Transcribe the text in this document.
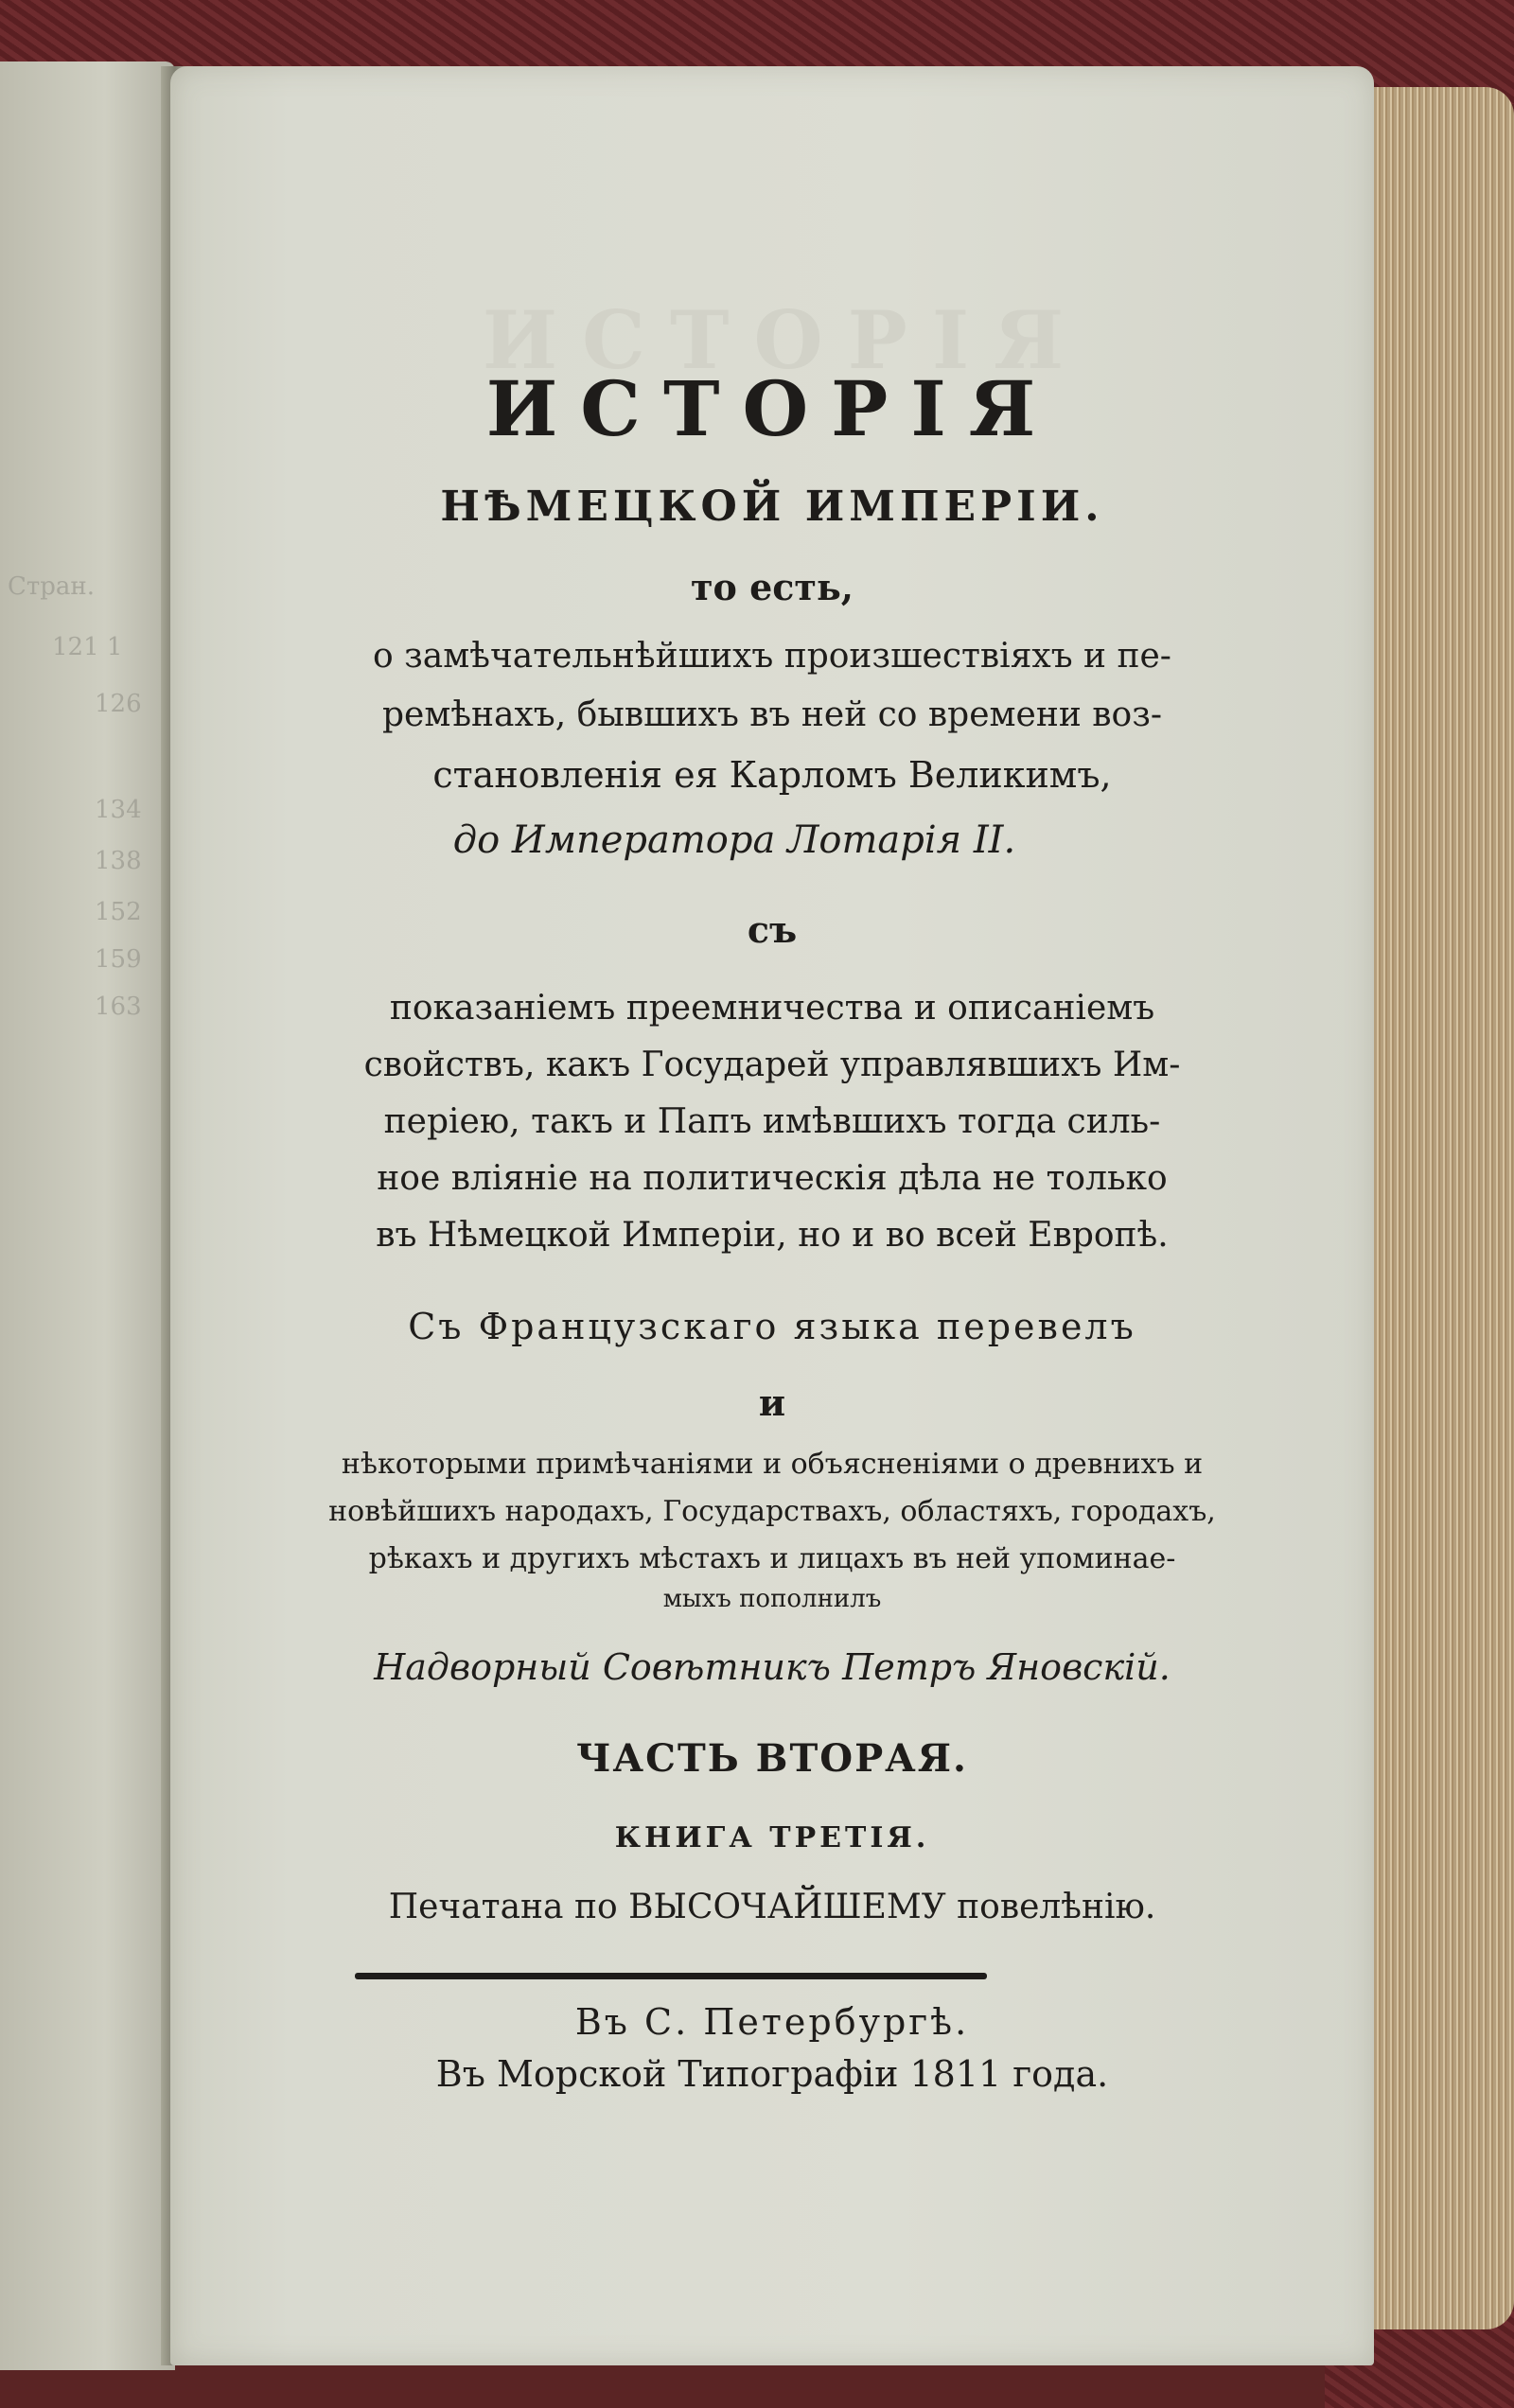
Стран.
121 1
126
134
138
152
159
163
ИСТОРІЯ
ИСТОРІЯ
НѢМЕЦКОЙ ИМПЕРІИ.
то есть,
о замѣчательнѣйшихъ произшествіяхъ и пе-
ремѣнахъ, бывшихъ въ ней со времени воз-
становленія ея Карломъ Великимъ,
до Императора Лотарія II.
съ
показаніемъ преемничества и описаніемъ
свойствъ, какъ Государей управлявшихъ Им-
періею, такъ и Папъ имѣвшихъ тогда силь-
ное вліяніе на политическія дѣла не только
въ Нѣмецкой Имперіи, но и во всей Европѣ.
Съ Французскаго языка перевелъ
и
нѣкоторыми примѣчаніями и объясненіями о древнихъ и
новѣйшихъ народахъ, Государствахъ, областяхъ, городахъ,
рѣкахъ и другихъ мѣстахъ и лицахъ въ ней упоминае-
мыхъ пополнилъ
Надворный Совѣтникъ Петръ Яновскій.
ЧАСТЬ ВТОРАЯ.
КНИГА ТРЕТІЯ.
Печатана по ВЫСОЧАЙШЕМУ повелѣнію.
Въ С. Петербургѣ.
Въ Морской Типографіи 1811 года.
